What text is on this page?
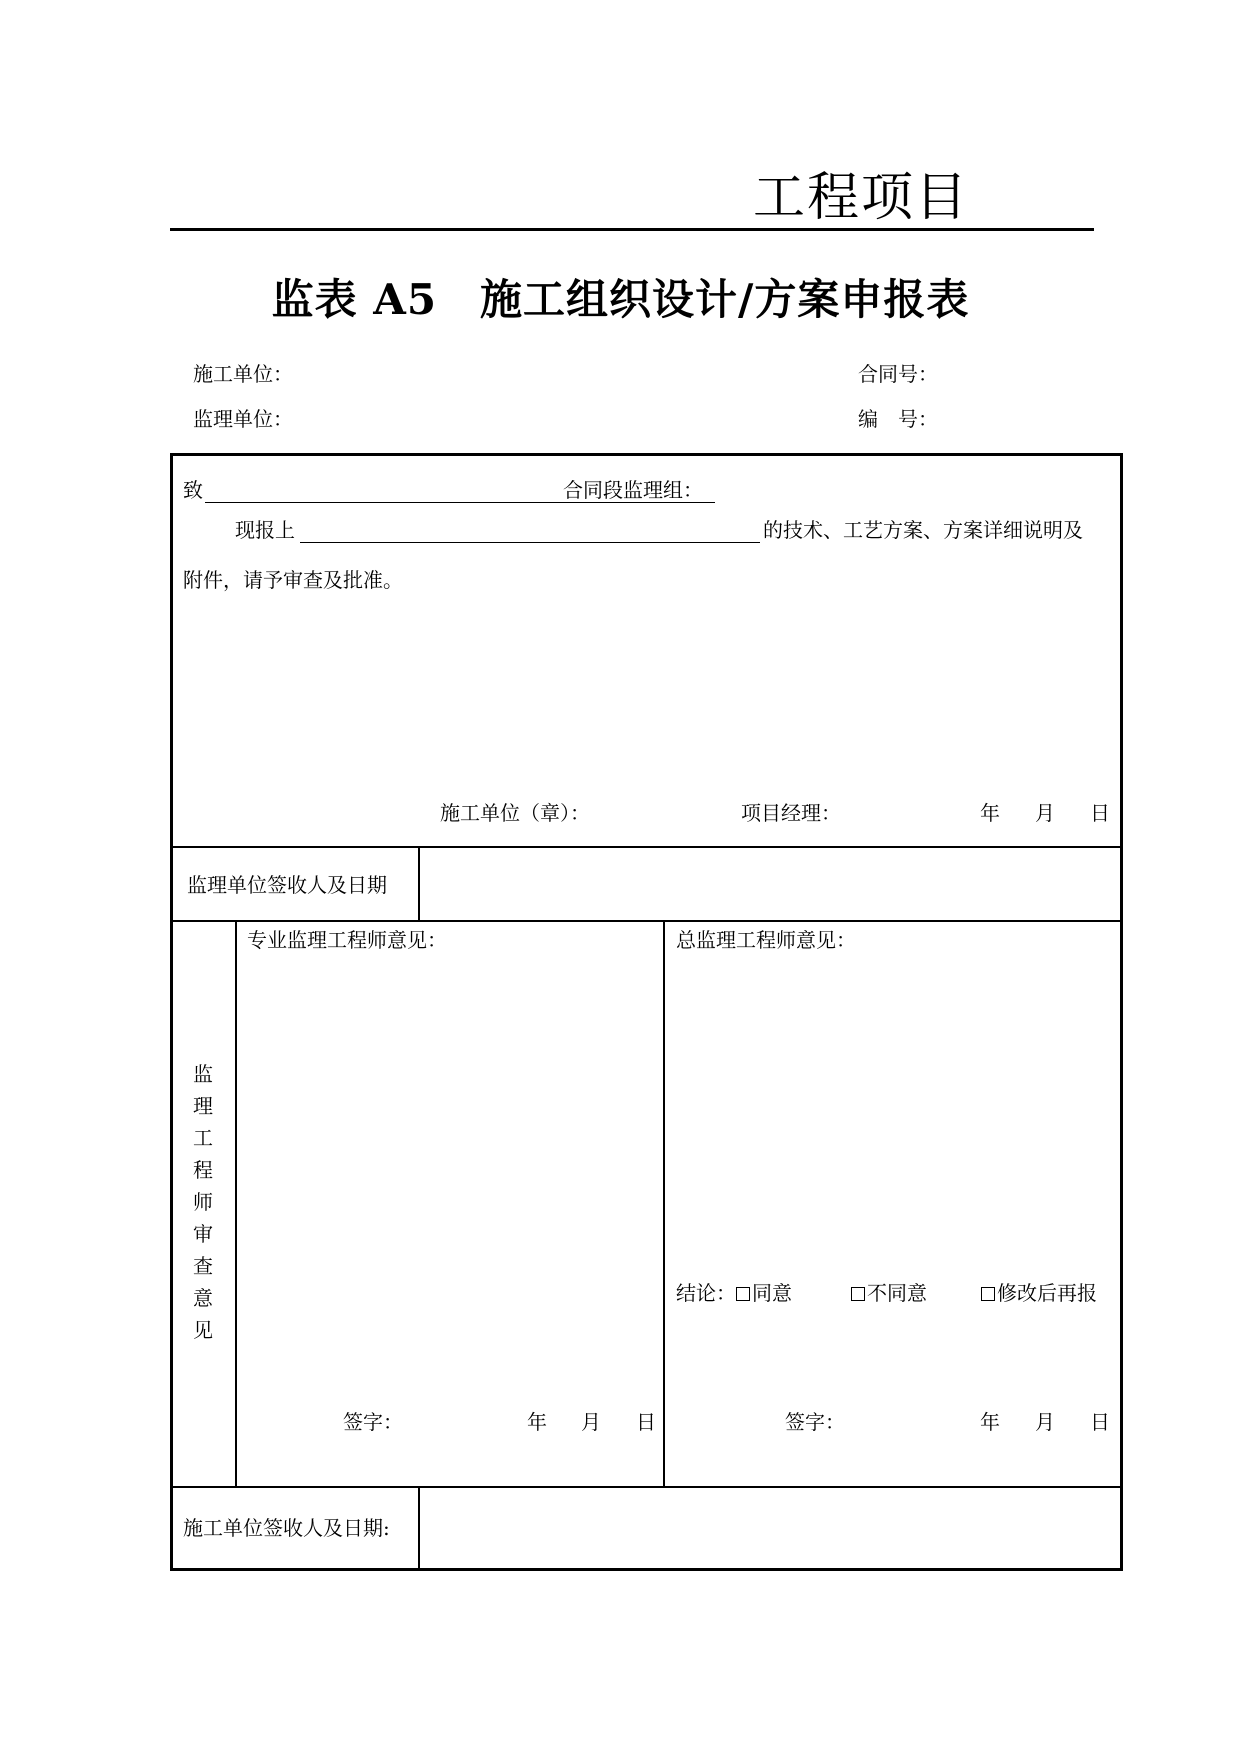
工程项目
监表 A5　施工组织设计/方案申报表
施工单位：	合同号：
监理单位：	编　号：
致	合同段监理组：
现报上	的技术、工艺方案、方案详细说明及
附件，请予审查及批准。
施工单位（章）：	项目经理：	年 月 日
监理单位签收人及日期
监
理
工
程
师
审
查
意
见
专业监理工程师意见：	总监理工程师意见：
结论： 同意	不同意	修改后再报
签字：	年 月 日	签字：	年 月 日
施工单位签收人及日期:
